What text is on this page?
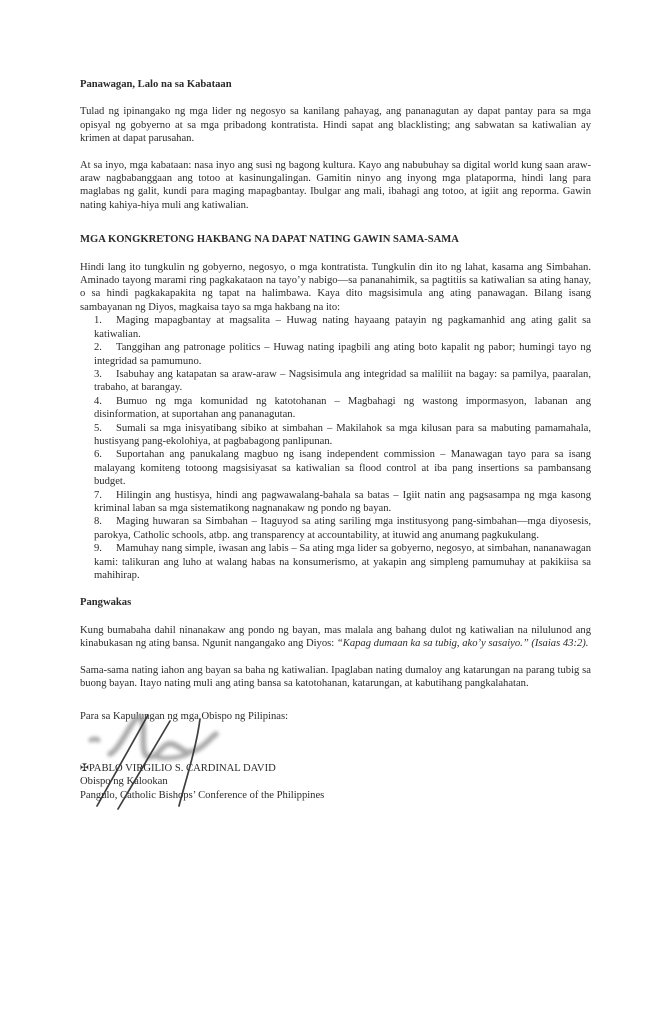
Panawagan, Lalo na sa Kabataan

Tulad ng ipinangako ng mga lider ng negosyo sa kanilang pahayag, ang pananagutan ay dapat pantay para sa mga opisyal ng gobyerno at sa mga pribadong kontratista. Hindi sapat ang blacklisting; ang sabwatan sa katiwalian ay krimen at dapat parusahan.

At sa inyo, mga kabataan: nasa inyo ang susi ng bagong kultura. Kayo ang nabubuhay sa digital world kung saan araw-araw nagbabanggaan ang totoo at kasinungalingan. Gamitin ninyo ang inyong mga plataporma, hindi lang para maglabas ng galit, kundi para maging mapagbantay. Ibulgar ang mali, ibahagi ang totoo, at igiit ang reporma. Gawin nating kahiya-hiya muli ang katiwalian.

MGA KONGKRETONG HAKBANG NA DAPAT NATING GAWIN SAMA-SAMA

Hindi lang ito tungkulin ng gobyerno, negosyo, o mga kontratista. Tungkulin din ito ng lahat, kasama ang Simbahan. Aminado tayong marami ring pagkakataon na tayo’y nabigo—sa pananahimik, sa pagtitiis sa katiwalian sa ating hanay, o sa hindi pagkakapakita ng tapat na halimbawa. Kaya dito magsisimula ang ating panawagan. Bilang isang sambayanan ng Diyos, magkaisa tayo sa mga hakbang na ito:

1. Maging mapagbantay at magsalita – Huwag nating hayaang patayin ng pagkamanhid ang ating galit sa katiwalian.

2. Tanggihan ang patronage politics – Huwag nating ipagbili ang ating boto kapalit ng pabor; humingi tayo ng integridad sa pamumuno.

3. Isabuhay ang katapatan sa araw-araw – Nagsisimula ang integridad sa maliliit na bagay: sa pamilya, paaralan, trabaho, at barangay.

4. Bumuo ng mga komunidad ng katotohanan – Magbahagi ng wastong impormasyon, labanan ang disinformation, at suportahan ang pananagutan.

5. Sumali sa mga inisyatibang sibiko at simbahan – Makilahok sa mga kilusan para sa mabuting pamamahala, hustisyang pang-ekolohiya, at pagbabagong panlipunan.

6. Suportahan ang panukalang magbuo ng isang independent commission – Manawagan tayo para sa isang malayang komiteng totoong magsisiyasat sa katiwalian sa flood control at iba pang insertions sa pambansang budget.

7. Hilingin ang hustisya, hindi ang pagwawalang-bahala sa batas – Igiit natin ang pagsasampa ng mga kasong kriminal laban sa mga sistematikong nagnanakaw ng pondo ng bayan.

8. Maging huwaran sa Simbahan – Itaguyod sa ating sariling mga institusyong pang-simbahan—mga diyosesis, parokya, Catholic schools, atbp. ang transparency at accountability, at ituwid ang anumang pagkukulang.

9. Mamuhay nang simple, iwasan ang labis – Sa ating mga lider sa gobyerno, negosyo, at simbahan, nananawagan kami: talikuran ang luho at walang habas na konsumerismo, at yakapin ang simpleng pamumuhay at pakikiisa sa mahihirap.

Pangwakas

Kung bumabaha dahil ninanakaw ang pondo ng bayan, mas malala ang bahang dulot ng katiwalian na nilulunod ang kinabukasan ng ating bansa. Ngunit nangangako ang Diyos: “Kapag dumaan ka sa tubig, ako’y sasaiyo.” (Isaias 43:2).

Sama-sama nating iahon ang bayan sa baha ng katiwalian. Ipaglaban nating dumaloy ang katarungan na parang tubig sa buong bayan. Itayo nating muli ang ating bansa sa katotohanan, katarungan, at kabutihang pangkalahatan.

Para sa Kapulungan ng mga Obispo ng Pilipinas:

✠PABLO VIRGILIO S. CARDINAL DAVID

Obispo ng Kalookan

Pangulo, Catholic Bishops’ Conference of the Philippines
